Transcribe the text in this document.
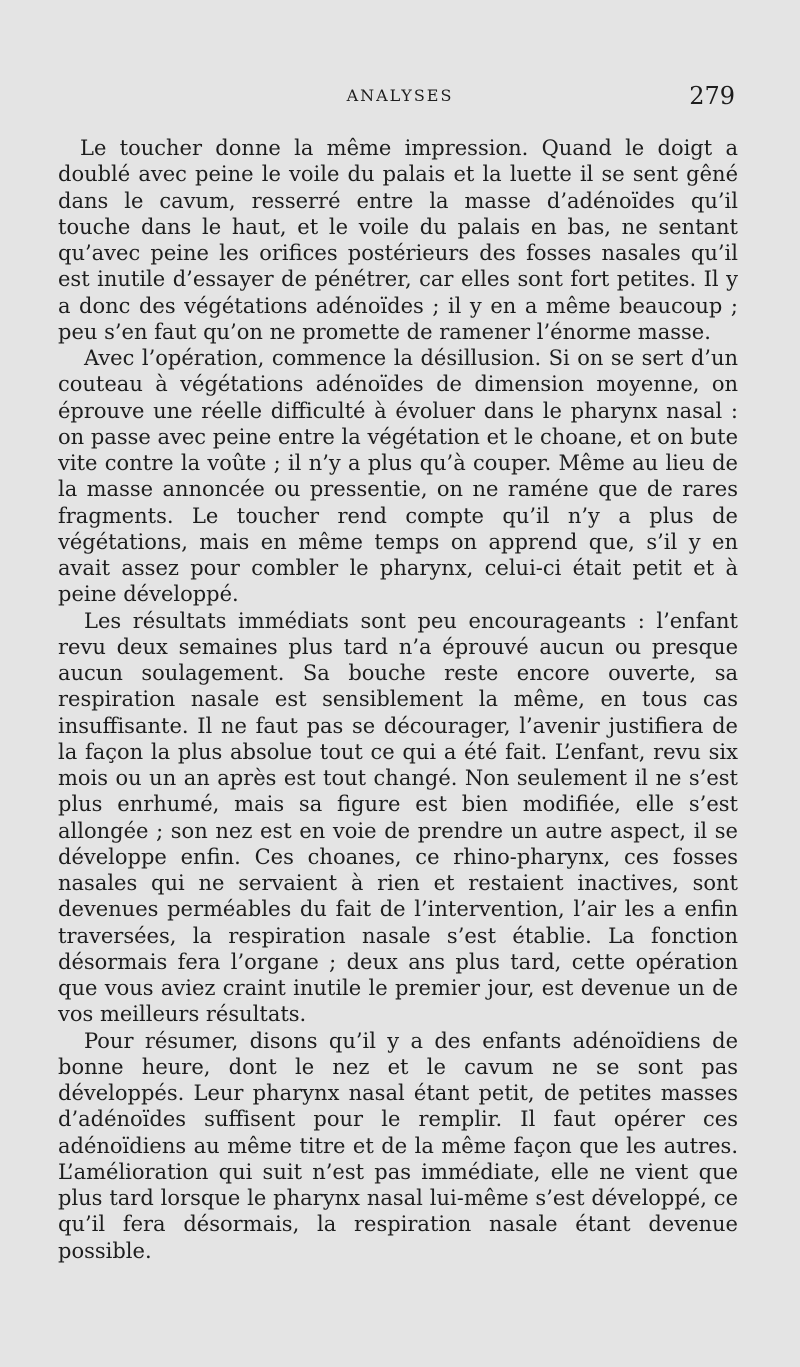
ANALYSES	279

Le toucher donne la même impression. Quand le doigt a doublé avec peine le voile du palais et la luette il se sent gêné dans le cavum, resserré entre la masse d’adénoïdes qu’il touche dans le haut, et le voile du palais en bas, ne sentant qu’avec peine les orifices postérieurs des fosses nasales qu’il est inutile d’essayer de pénétrer, car elles sont fort petites. Il y a donc des végétations adénoïdes ; il y en a même beaucoup ; peu s’en faut qu’on ne promette de ramener l’énorme masse.

Avec l’opération, commence la désillusion. Si on se sert d’un couteau à végétations adénoïdes de dimension moyenne, on éprouve une réelle difficulté à évoluer dans le pharynx nasal : on passe avec peine entre la végétation et le choane, et on bute vite contre la voûte ; il n’y a plus qu’à couper. Même au lieu de la masse annoncée ou pressentie, on ne raméne que de rares fragments. Le toucher rend compte qu’il n’y a plus de végétations, mais en même temps on apprend que, s’il y en avait assez pour combler le pharynx, celui-ci était petit et à peine développé.

Les résultats immédiats sont peu encourageants : l’enfant revu deux semaines plus tard n’a éprouvé aucun ou presque aucun soulagement. Sa bouche reste encore ouverte, sa respiration nasale est sensiblement la même, en tous cas insuffisante. Il ne faut pas se décourager, l’avenir justifiera de la façon la plus absolue tout ce qui a été fait. L’enfant, revu six mois ou un an après est tout changé. Non seulement il ne s’est plus enrhumé, mais sa figure est bien modifiée, elle s’est allongée ; son nez est en voie de prendre un autre aspect, il se développe enfin. Ces choanes, ce rhino-pharynx, ces fosses nasales qui ne servaient à rien et restaient inactives, sont devenues perméables du fait de l’intervention, l’air les a enfin traversées, la respiration nasale s’est établie. La fonction désormais fera l’organe ; deux ans plus tard, cette opération que vous aviez craint inutile le premier jour, est devenue un de vos meilleurs résultats.

Pour résumer, disons qu’il y a des enfants adénoïdiens de bonne heure, dont le nez et le cavum ne se sont pas développés. Leur pharynx nasal étant petit, de petites masses d’adénoïdes suffisent pour le remplir. Il faut opérer ces adénoïdiens au même titre et de la même façon que les autres. L’amélioration qui suit n’est pas immédiate, elle ne vient que plus tard lorsque le pharynx nasal lui-même s’est développé, ce qu’il fera désormais, la respiration nasale étant devenue possible.
